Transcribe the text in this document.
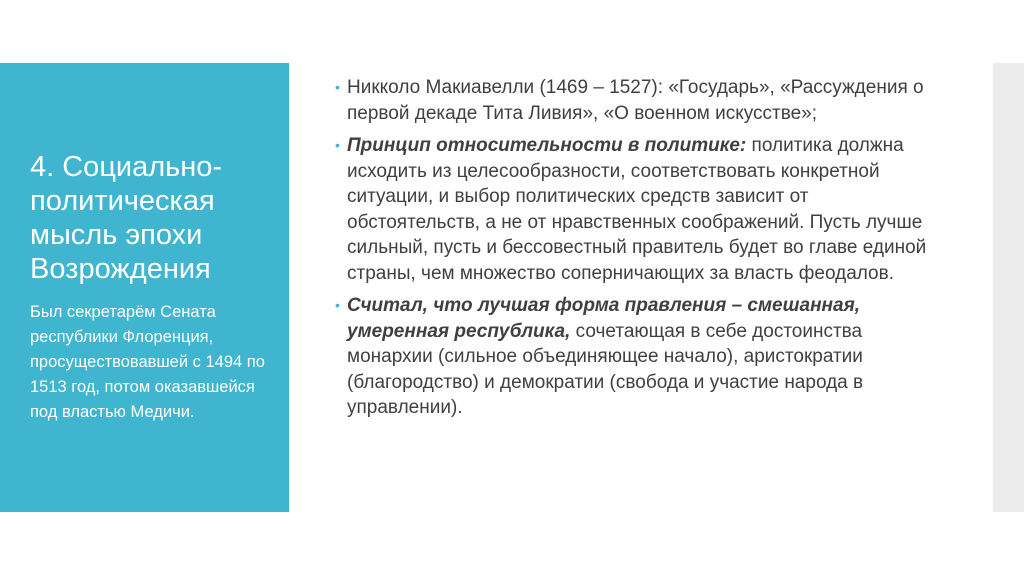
4. Социально-политическая мысль эпохи Возрождения

Был секретарём Сената республики Флоренция, просуществовавшей с 1494 по 1513 год, потом оказавшейся под властью Медичи.

• Никколо Макиавелли (1469 – 1527): «Государь», «Рассуждения о первой декаде Тита Ливия», «О военном искусстве»;
• Принцип относительности в политике: политика должна исходить из целесообразности, соответствовать конкретной ситуации, и выбор политических средств зависит от обстоятельств, а не от нравственных соображений. Пусть лучше сильный, пусть и бессовестный правитель будет во главе единой страны, чем множество соперничающих за власть феодалов.
• Считал, что лучшая форма правления – смешанная, умеренная республика, сочетающая в себе достоинства монархии (сильное объединяющее начало), аристократии (благородство) и демократии (свобода и участие народа в управлении).
